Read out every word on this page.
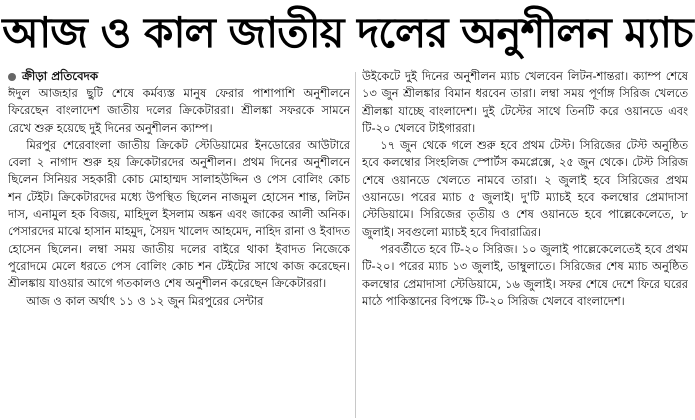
আজ ও কাল জাতীয় দলের অনুশীলন ম্যাচ
ক্রীড়া প্রতিবেদক

ঈদুল আজহার ছুটি শেষে কর্মব্যস্ত মানুষ ফেরার পাশাপাশি অনুশীলনে ফিরেছেন বাংলাদেশ জাতীয় দলের ক্রিকেটাররা। শ্রীলঙ্কা সফরকে সামনে রেখে শুরু হয়েছে দুই দিনের অনুশীলন ক্যাম্প।

মিরপুর শেরেবাংলা জাতীয় ক্রিকেট স্টেডিয়ামের ইনডোরের আউটারে বেলা ২ নাগাদ শুরু হয় ক্রিকেটারদের অনুশীলন। প্রথম দিনের অনুশীলনে ছিলেন সিনিয়র সহকারী কোচ মোহাম্মদ সালাহউদ্দিন ও পেস বোলিং কোচ শন টেইট। ক্রিকেটারদের মধ্যে উপস্থিত ছিলেন নাজমুল হোসেন শান্ত, লিটন দাস, এনামুল হক বিজয়, মাহিদুল ইসলাম অঙ্কন এবং জাকের আলী অনিক। পেসারদের মাঝে হাসান মাহমুদ, সৈয়দ খালেদ আহমেদ, নাহিদ রানা ও ইবাদত হোসেন ছিলেন। লম্বা সময় জাতীয় দলের বাইরে থাকা ইবাদত নিজেকে পুরোদমে মেলে ধরতে পেস বোলিং কোচ শন টেইটের সাথে কাজ করেছেন। শ্রীলঙ্কায় যাওয়ার আগে গতকালও শেষ অনুশীলন করেছেন ক্রিকেটাররা।

আজ ও কাল অর্থাৎ ১১ ও ১২ জুন মিরপুরের সেন্টার

উইকেটে দুই দিনের অনুশীলন ম্যাচ খেলবেন লিটন-শান্তরা। ক্যাম্প শেষে ১৩ জুন শ্রীলঙ্কার বিমান ধরবেন তারা। লম্বা সময় পূর্ণাঙ্গ সিরিজ খেলতে শ্রীলঙ্কা যাচ্ছে বাংলাদেশ। দুই টেস্টের সাথে তিনটি করে ওয়ানডে এবং টি-২০ খেলবে টাইগাররা।

১৭ জুন থেকে গলে শুরু হবে প্রথম টেস্ট। সিরিজের টেস্ট অনুষ্ঠিত হবে কলম্বোর সিংহলিজ স্পোর্টস কমপ্লেক্সে, ২৫ জুন থেকে। টেস্ট সিরিজ শেষে ওয়ানডে খেলতে নামবে তারা। ২ জুলাই হবে সিরিজের প্রথম ওয়ানডে। পরের ম্যাচ ৫ জুলাই। দু'টি ম্যাচই হবে কলম্বোর প্রেমাদাসা স্টেডিয়ামে। সিরিজের তৃতীয় ও শেষ ওয়ানডে হবে পাল্লেকেলেতে, ৮ জুলাই। সবগুলো ম্যাচই হবে দিবারাত্রির।

পরবর্তীতে হবে টি-২০ সিরিজ। ১০ জুলাই পাল্লেকেলেতেই হবে প্রথম টি-২০। পরের ম্যাচ ১৩ জুলাই, ডাম্বুলাতে। সিরিজের শেষ ম্যাচ অনুষ্ঠিত কলম্বোর প্রেমাদাসা স্টেডিয়ামে, ১৬ জুলাই। সফর শেষে দেশে ফিরে ঘরের মাঠে পাকিস্তানের বিপক্ষে টি-২০ সিরিজ খেলবে বাংলাদেশ।
